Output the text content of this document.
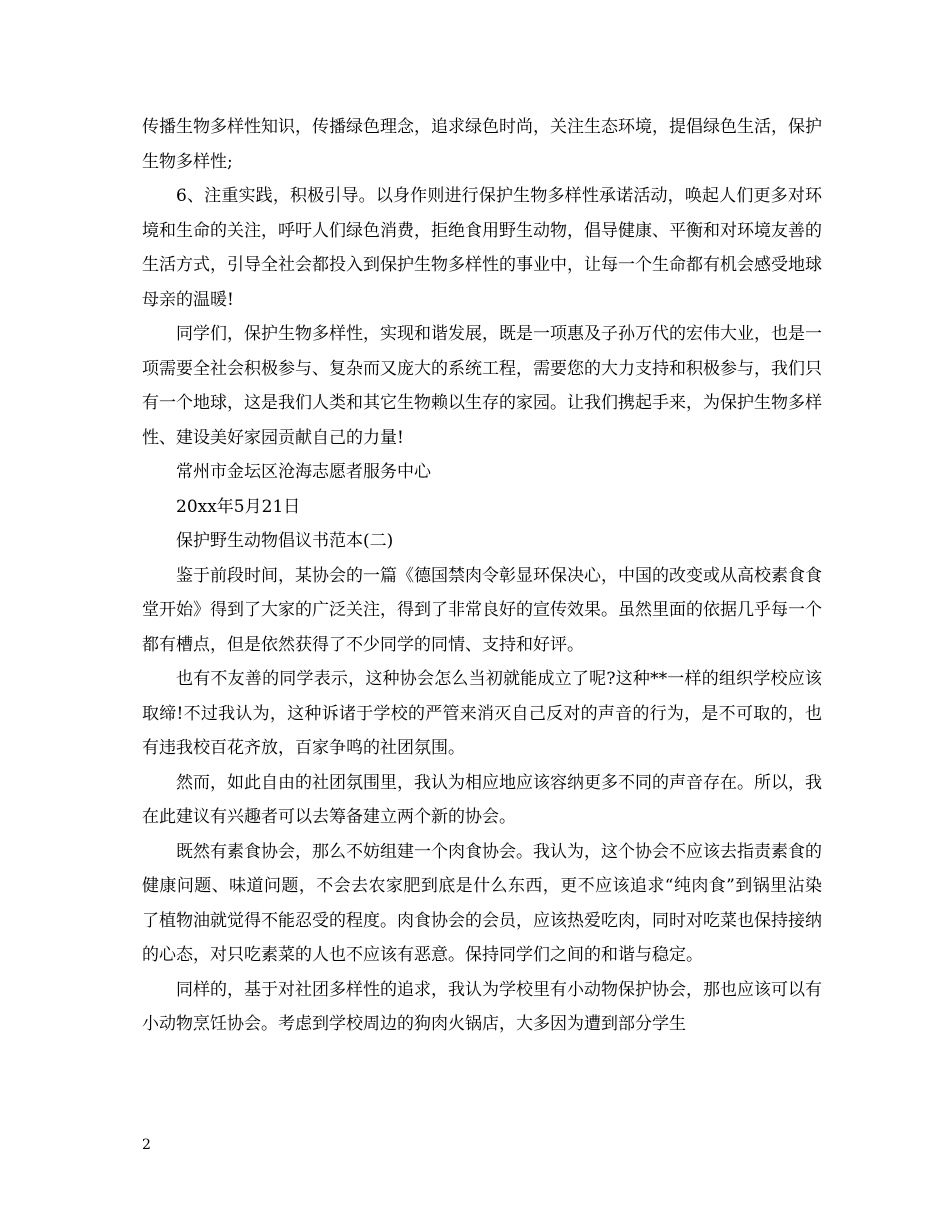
传播生物多样性知识，传播绿色理念，追求绿色时尚，关注生态环境，提倡绿色生活，保护生物多样性;

6、注重实践，积极引导。以身作则进行保护生物多样性承诺活动，唤起人们更多对环境和生命的关注，呼吁人们绿色消费，拒绝食用野生动物，倡导健康、平衡和对环境友善的生活方式，引导全社会都投入到保护生物多样性的事业中，让每一个生命都有机会感受地球母亲的温暖!

同学们，保护生物多样性，实现和谐发展，既是一项惠及子孙万代的宏伟大业，也是一项需要全社会积极参与、复杂而又庞大的系统工程，需要您的大力支持和积极参与，我们只有一个地球，这是我们人类和其它生物赖以生存的家园。让我们携起手来，为保护生物多样性、建设美好家园贡献自己的力量!

常州市金坛区沧海志愿者服务中心

20xx年5月21日

保护野生动物倡议书范本(二)

鉴于前段时间，某协会的一篇《德国禁肉令彰显环保决心，中国的改变或从高校素食食堂开始》得到了大家的广泛关注，得到了非常良好的宣传效果。虽然里面的依据几乎每一个都有槽点，但是依然获得了不少同学的同情、支持和好评。

也有不友善的同学表示，这种协会怎么当初就能成立了呢?这种**一样的组织学校应该取缔!不过我认为，这种诉诸于学校的严管来消灭自己反对的声音的行为，是不可取的，也有违我校百花齐放，百家争鸣的社团氛围。

然而，如此自由的社团氛围里，我认为相应地应该容纳更多不同的声音存在。所以，我在此建议有兴趣者可以去筹备建立两个新的协会。

既然有素食协会，那么不妨组建一个肉食协会。我认为，这个协会不应该去指责素食的健康问题、味道问题，不会去农家肥到底是什么东西，更不应该追求“纯肉食”到锅里沾染了植物油就觉得不能忍受的程度。肉食协会的会员，应该热爱吃肉，同时对吃菜也保持接纳的心态，对只吃素菜的人也不应该有恶意。保持同学们之间的和谐与稳定。

同样的，基于对社团多样性的追求，我认为学校里有小动物保护协会，那也应该可以有小动物烹饪协会。考虑到学校周边的狗肉火锅店，大多因为遭到部分学生

2
